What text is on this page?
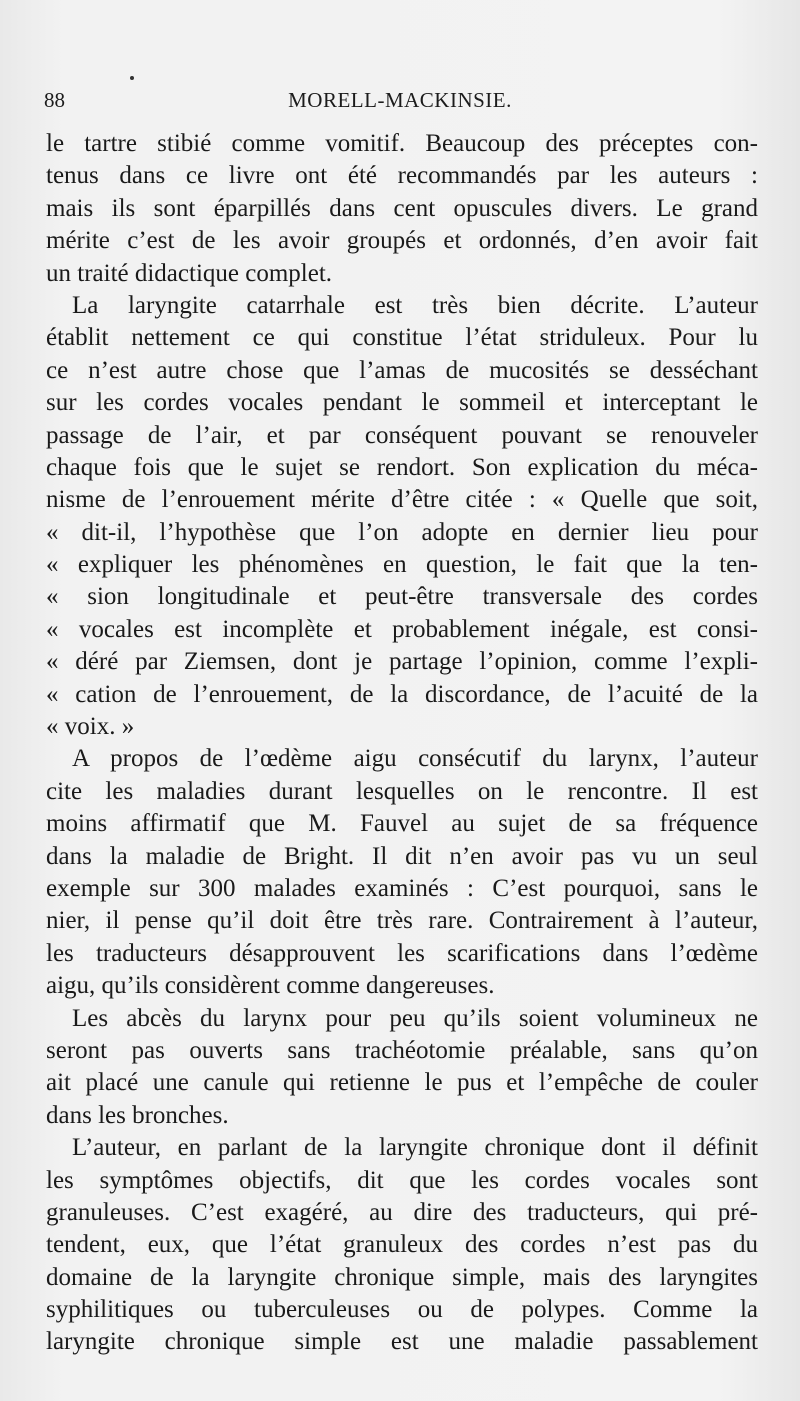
88	MORELL-MACKINSIE.
le tartre stibié comme vomitif. Beaucoup des préceptes con-
tenus dans ce livre ont été recommandés par les auteurs :
mais ils sont éparpillés dans cent opuscules divers. Le grand
mérite c’est de les avoir groupés et ordonnés, d’en avoir fait
un traité didactique complet.
La laryngite catarrhale est très bien décrite. L’auteur
établit nettement ce qui constitue l’état striduleux. Pour lu
ce n’est autre chose que l’amas de mucosités se desséchant
sur les cordes vocales pendant le sommeil et interceptant le
passage de l’air, et par conséquent pouvant se renouveler
chaque fois que le sujet se rendort. Son explication du méca-
nisme de l’enrouement mérite d’être citée : « Quelle que soit,
« dit-il, l’hypothèse que l’on adopte en dernier lieu pour
« expliquer les phénomènes en question, le fait que la ten-
« sion longitudinale et peut-être transversale des cordes
« vocales est incomplète et probablement inégale, est consi-
« déré par Ziemsen, dont je partage l’opinion, comme l’expli-
« cation de l’enrouement, de la discordance, de l’acuité de la
« voix. »
A propos de l’œdème aigu consécutif du larynx, l’auteur
cite les maladies durant lesquelles on le rencontre. Il est
moins affirmatif que M. Fauvel au sujet de sa fréquence
dans la maladie de Bright. Il dit n’en avoir pas vu un seul
exemple sur 300 malades examinés : C’est pourquoi, sans le
nier, il pense qu’il doit être très rare. Contrairement à l’auteur,
les traducteurs désapprouvent les scarifications dans l’œdème
aigu, qu’ils considèrent comme dangereuses.
Les abcès du larynx pour peu qu’ils soient volumineux ne
seront pas ouverts sans trachéotomie préalable, sans qu’on
ait placé une canule qui retienne le pus et l’empêche de couler
dans les bronches.
L’auteur, en parlant de la laryngite chronique dont il définit
les symptômes objectifs, dit que les cordes vocales sont
granuleuses. C’est exagéré, au dire des traducteurs, qui pré-
tendent, eux, que l’état granuleux des cordes n’est pas du
domaine de la laryngite chronique simple, mais des laryngites
syphilitiques ou tuberculeuses ou de polypes. Comme la
laryngite chronique simple est une maladie passablement
